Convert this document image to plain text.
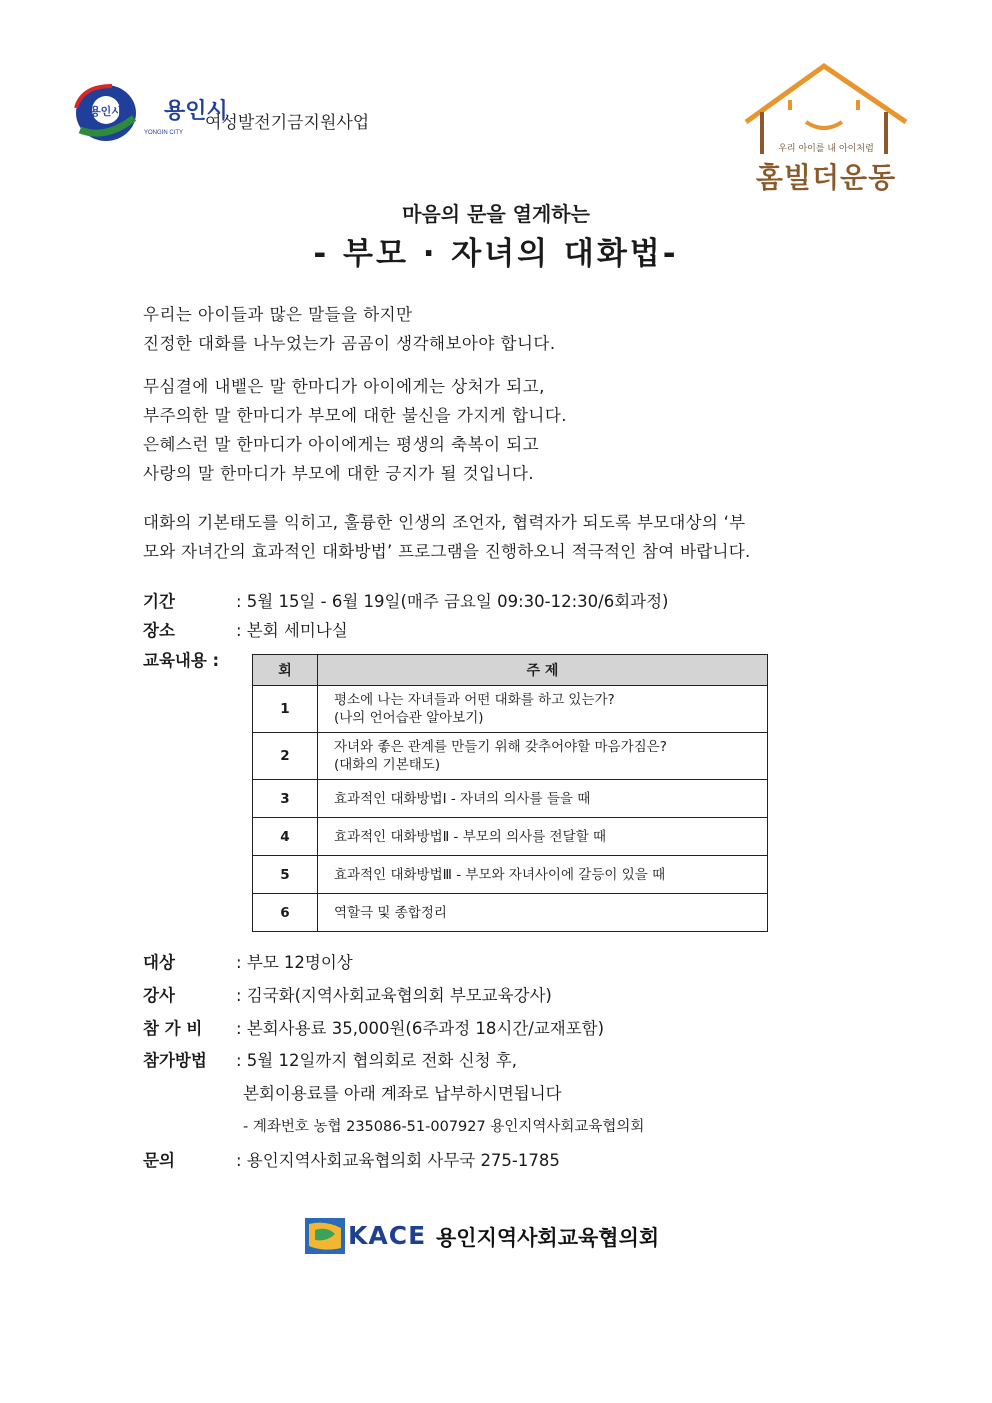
용인시 용인시
YONGIN CITY 여성발전기금지원사업
우리 아이를 내 아이처럼
홈빌더운동
마음의 문을 열게하는
- 부모 · 자녀의 대화법-
우리는 아이들과 많은 말들을 하지만
진정한 대화를 나누었는가 곰곰이 생각해보아야 합니다.
무심결에 내뱉은 말 한마디가 아이에게는 상처가 되고,
부주의한 말 한마디가 부모에 대한 불신을 가지게 합니다.
은혜스런 말 한마디가 아이에게는 평생의 축복이 되고
사랑의 말 한마디가 부모에 대한 긍지가 될 것입니다.
대화의 기본태도를 익히고, 훌륭한 인생의 조언자, 협력자가 되도록 부모대상의 ‘부
모와 자녀간의 효과적인 대화방법’ 프로그램을 진행하오니 적극적인 참여 바랍니다.
기간	: 5월 15일 - 6월 19일(매주 금요일 09:30-12:30/6회과정)
장소	: 본회 세미나실
교육내용 :
회	주 제
1	평소에 나는 자녀들과 어떤 대화를 하고 있는가?
(나의 언어습관 알아보기)

2	자녀와 좋은 관계를 만들기 위해 갖추어야할 마음가짐은?
(대화의 기본태도)

3	효과적인 대화방법Ⅰ - 자녀의 의사를 들을 때

4	효과적인 대화방법Ⅱ - 부모의 의사를 전달할 때

5	효과적인 대화방법Ⅲ - 부모와 자녀사이에 갈등이 있을 때

6	역할극 및 종합정리
대상	: 부모 12명이상
강사	: 김국화(지역사회교육협의회 부모교육강사)
참 가 비 : 본회사용료 35,000원(6주과정 18시간/교재포함)
참가방법 : 5월 12일까지 협의회로 전화 신청 후,
본회이용료를 아래 계좌로 납부하시면됩니다
- 계좌번호 농협 235086-51-007927 용인지역사회교육협의회
문의	: 용인지역사회교육협의회 사무국 275-1785
KACE 용인지역사회교육협의회
